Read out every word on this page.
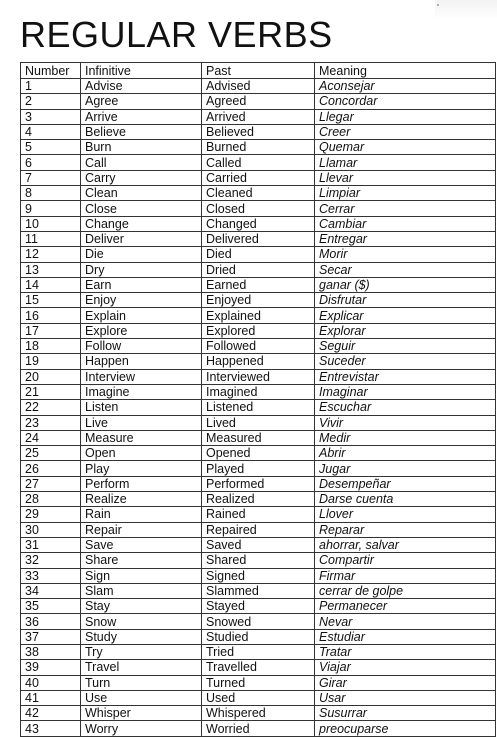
REGULAR VERBS
Number	Infinitive	Past	Meaning
1	Advise	Advised	Aconsejar
2	Agree	Agreed	Concordar
3	Arrive	Arrived	Llegar
4	Believe	Believed	Creer
5	Burn	Burned	Quemar
6	Call	Called	Llamar
7	Carry	Carried	Llevar
8	Clean	Cleaned	Limpiar
9	Close	Closed	Cerrar
10	Change	Changed	Cambiar
11	Deliver	Delivered	Entregar
12	Die	Died	Morir
13	Dry	Dried	Secar
14	Earn	Earned	ganar ($)
15	Enjoy	Enjoyed	Disfrutar
16	Explain	Explained	Explicar
17	Explore	Explored	Explorar
18	Follow	Followed	Seguir
19	Happen	Happened	Suceder
20	Interview	Interviewed	Entrevistar
21	Imagine	Imagined	Imaginar
22	Listen	Listened	Escuchar
23	Live	Lived	Vivir
24	Measure	Measured	Medir
25	Open	Opened	Abrir
26	Play	Played	Jugar
27	Perform	Performed	Desempeñar
28	Realize	Realized	Darse cuenta
29	Rain	Rained	Llover
30	Repair	Repaired	Reparar
31	Save	Saved	ahorrar, salvar
32	Share	Shared	Compartir
33	Sign	Signed	Firmar
34	Slam	Slammed	cerrar de golpe
35	Stay	Stayed	Permanecer
36	Snow	Snowed	Nevar
37	Study	Studied	Estudiar
38	Try	Tried	Tratar
39	Travel	Travelled	Viajar
40	Turn	Turned	Girar
41	Use	Used	Usar
42	Whisper	Whispered	Susurrar
43	Worry	Worried	preocuparse
